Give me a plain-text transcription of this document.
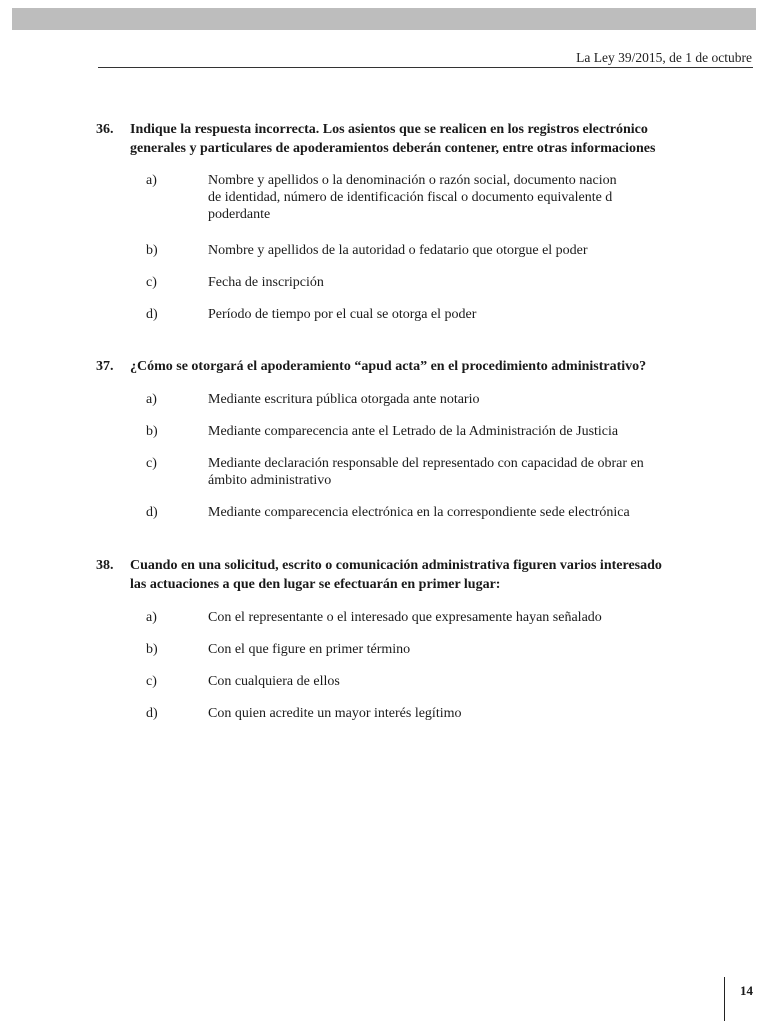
La Ley 39/2015, de 1 de octubre
36.	Indique la respuesta incorrecta. Los asientos que se realicen en los registros electrónico
generales y particulares de apoderamientos deberán contener, entre otras informaciones
a)	Nombre y apellidos o la denominación o razón social, documento nacion
de identidad, número de identificación fiscal o documento equivalente d
poderdante
b)	Nombre y apellidos de la autoridad o fedatario que otorgue el poder
c)	Fecha de inscripción
d)	Período de tiempo por el cual se otorga el poder
37.	¿Cómo se otorgará el apoderamiento “apud acta” en el procedimiento administrativo?
a)	Mediante escritura pública otorgada ante notario
b)	Mediante comparecencia ante el Letrado de la Administración de Justicia
c)	Mediante declaración responsable del representado con capacidad de obrar en
ámbito administrativo
d)	Mediante comparecencia electrónica en la correspondiente sede electrónica
38.	Cuando en una solicitud, escrito o comunicación administrativa figuren varios interesado
las actuaciones a que den lugar se efectuarán en primer lugar:
a)	Con el representante o el interesado que expresamente hayan señalado
b)	Con el que figure en primer término
c)	Con cualquiera de ellos
d)	Con quien acredite un mayor interés legítimo
14
